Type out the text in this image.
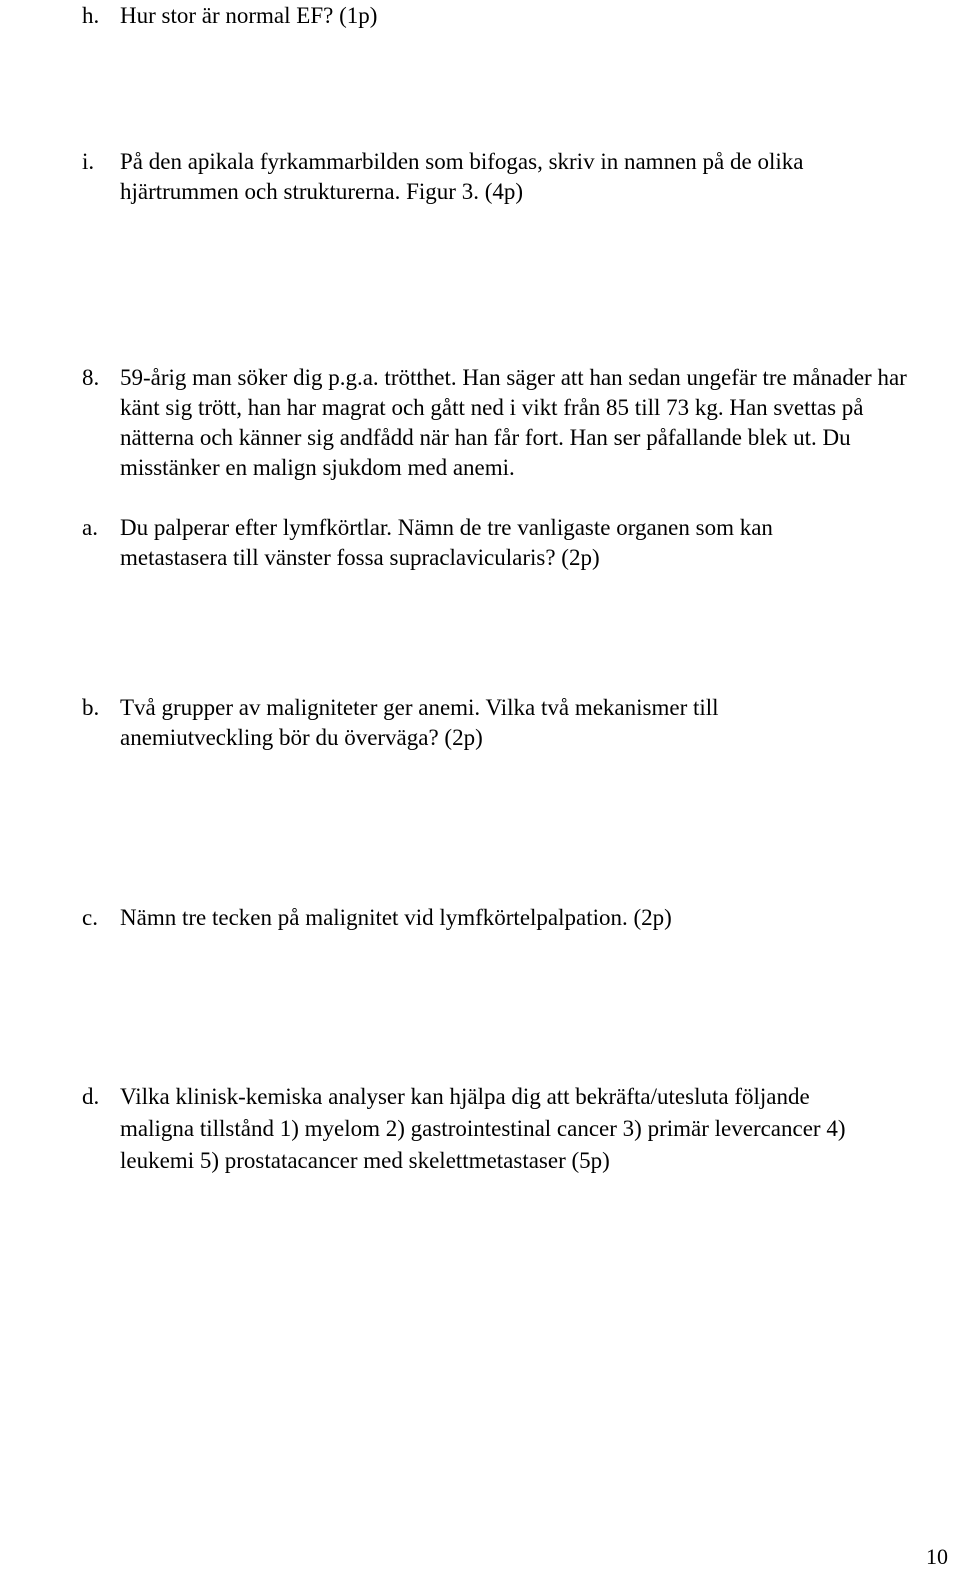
h. Hur stor är normal EF? (1p)
i. På den apikala fyrkammarbilden som bifogas, skriv in namnen på de olika
hjärtrummen och strukturerna. Figur 3. (4p)
8. 59-årig man söker dig p.g.a. trötthet. Han säger att han sedan ungefär tre månader har
känt sig trött, han har magrat och gått ned i vikt från 85 till 73 kg. Han svettas på
nätterna och känner sig andfådd när han får fort. Han ser påfallande blek ut. Du
misstänker en malign sjukdom med anemi.
a. Du palperar efter lymfkörtlar. Nämn de tre vanligaste organen som kan
metastasera till vänster fossa supraclavicularis? (2p)
b. Två grupper av maligniteter ger anemi. Vilka två mekanismer till
anemiutveckling bör du överväga? (2p)
c. Nämn tre tecken på malignitet vid lymfkörtelpalpation. (2p)
d. Vilka klinisk-kemiska analyser kan hjälpa dig att bekräfta/utesluta följande
maligna tillstånd 1) myelom 2) gastrointestinal cancer 3) primär levercancer 4)
leukemi 5) prostatacancer med skelettmetastaser (5p)
10
